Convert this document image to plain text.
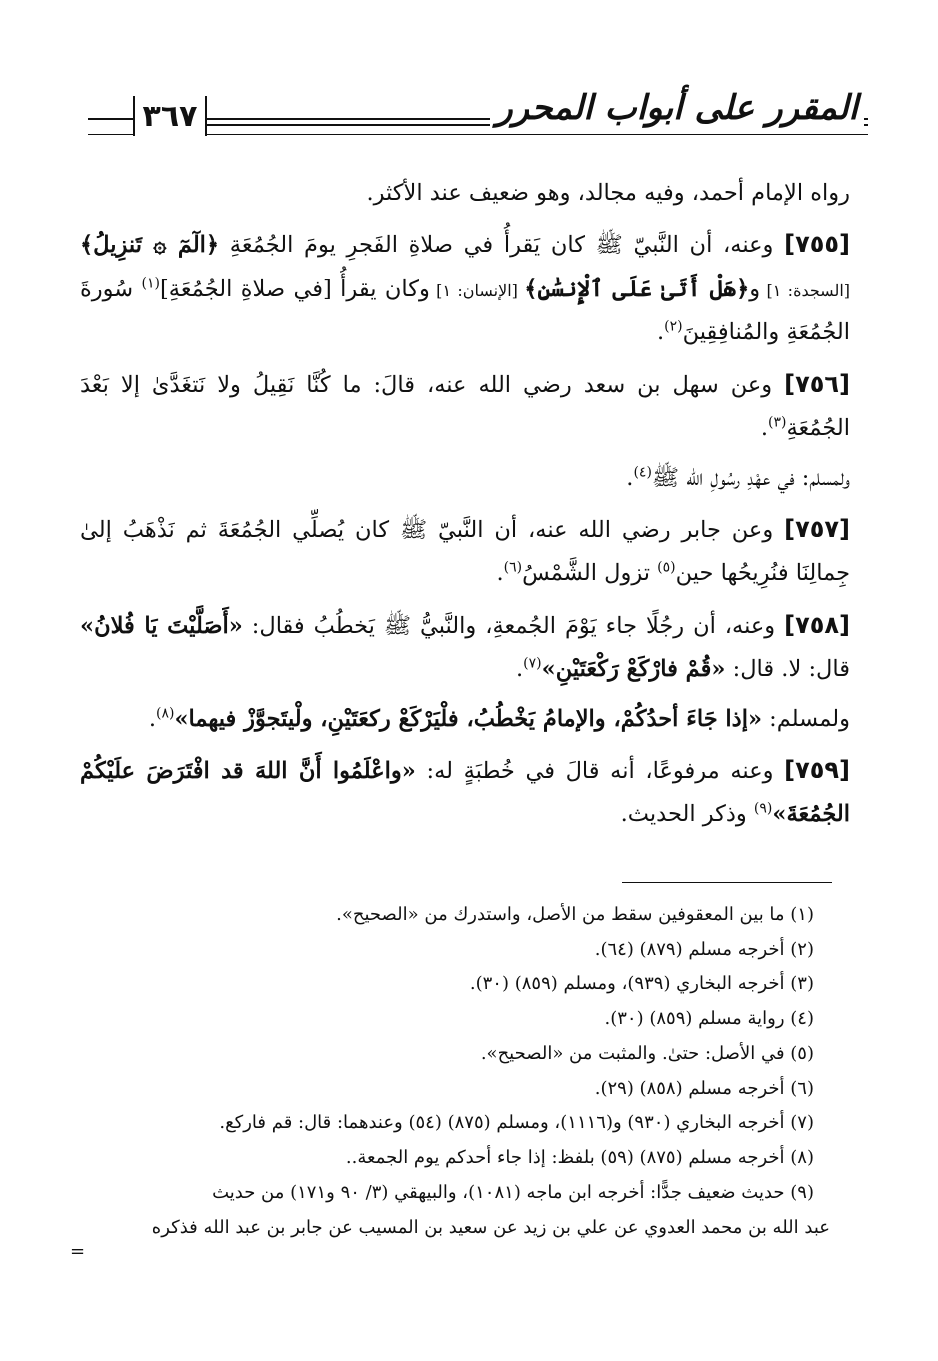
٣٦٧	المقرر على أبواب المحرر

رواه الإمام أحمد، وفيه مجالد، وهو ضعيف عند الأكثر.

[٧٥٥] وعنه، أن النَّبيّ ﷺ كان يَقرأُ في صلاةِ الفَجرِ يومَ الجُمُعَةِ ﴿الٓمٓ ۞ تَنزِيلُ﴾ [السجدة: ١] و﴿هَلْ أَتَىٰ عَلَى ٱلْإِنسَٰنِ﴾ [الإنسان: ١] وكان يقرأُ [في صلاةِ الجُمُعَةِ]$^{(١)}$ سُورةَ الجُمُعَةِ والمُنافِقِينَ$^{(٢)}$.

[٧٥٦] وعن سهل بن سعد رضي الله عنه، قالَ: ما كُنَّا نَقِيلُ ولا نَتغَدَّىٰ إلا بَعْدَ الجُمُعَةِ$^{(٣)}$.

ولمسلم: في عهْدِ رسُولِ الله ﷺ$^{(٤)}$.

[٧٥٧] وعن جابر رضي الله عنه، أن النَّبيّ ﷺ كان يُصلِّي الجُمُعَةَ ثم نَذْهَبُ إلىٰ جِمالِنَا فنُرِيحُها حين$^{(٥)}$ تزول الشَّمْسُ$^{(٦)}$.

[٧٥٨] وعنه، أن رجُلًا جاء يَوْمَ الجُمعةِ، والنَّبيُّ ﷺ يَخطُبُ فقال: «أَصَلَّيْتَ يَا فُلانُ» قال: لا. قال: «قُمْ فارْكَعْ رَكْعَتَيْنِ»$^{(٧)}$.

ولمسلم: «إذا جَاءَ أحدُكُمْ، والإمامُ يَخْطُبُ، فلْيَرْكَعْ ركعَتَيْنِ، ولْيتَجوَّزْ فيهما»$^{(٨)}$.

[٧٥٩] وعنه مرفوعًا، أنه قالَ في خُطبَةٍ له: «واعْلَمُوا أَنَّ اللهَ قد افْتَرَضَ علَيْكُمْ الجُمُعَةَ»$^{(٩)}$ وذكر الحديث.

(١) ما بين المعقوفين سقط من الأصل، واستدرك من «الصحيح».
(٢) أخرجه مسلم (٨٧٩) (٦٤).
(٣) أخرجه البخاري (٩٣٩)، ومسلم (٨٥٩) (٣٠).
(٤) رواية مسلم (٨٥٩) (٣٠).
(٥) في الأصل: حتىٰ. والمثبت من «الصحيح».
(٦) أخرجه مسلم (٨٥٨) (٢٩).
(٧) أخرجه البخاري (٩٣٠) و(١١١٦)، ومسلم (٨٧٥) (٥٤) وعندهما: قال: قم فاركع.
(٨) أخرجه مسلم (٨٧٥) (٥٩) بلفظ: إذا جاء أحدكم يوم الجمعة..
(٩) حديث ضعيف جدًّا: أخرجه ابن ماجه (١٠٨١)، والبيهقي (٣/ ٩٠ و١٧١) من حديث
عبد الله بن محمد العدوي عن علي بن زيد عن سعيد بن المسيب عن جابر بن عبد الله فذكره
=
